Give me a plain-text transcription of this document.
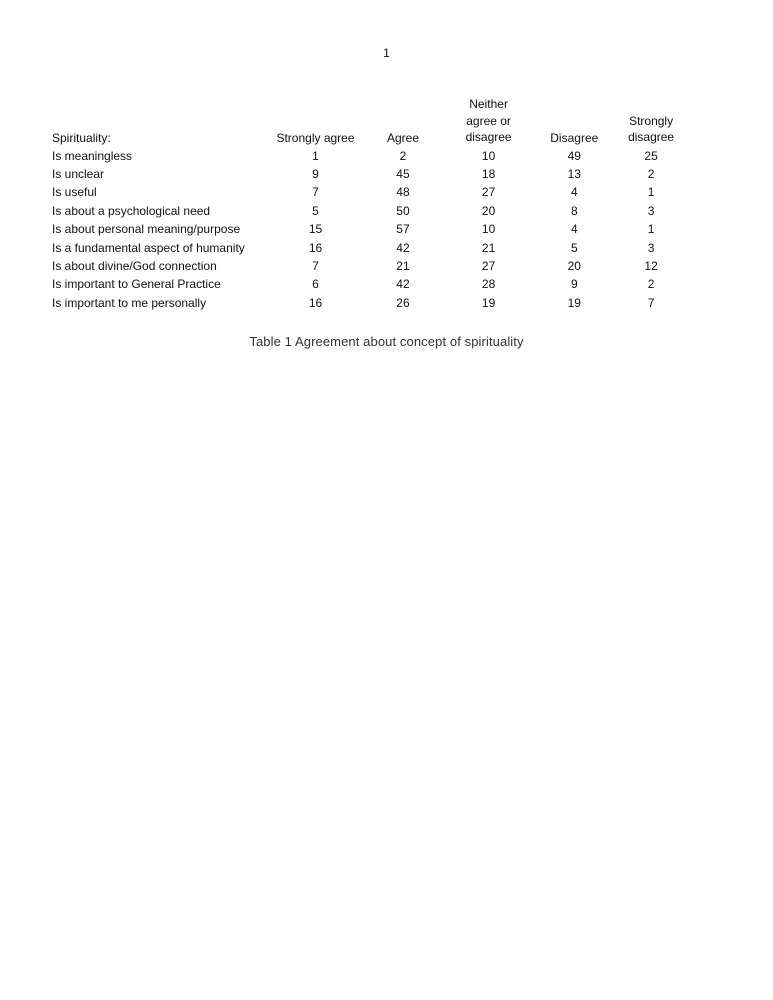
1
Spirituality:	Strongly agree	Agree	Neither agree or disagree	Disagree	Strongly disagree
Is meaningless	1	2	10	49	25
Is unclear	9	45	18	13	2
Is useful	7	48	27	4	1
Is about a psychological need	5	50	20	8	3
Is about personal meaning/purpose	15	57	10	4	1
Is a fundamental aspect of humanity	16	42	21	5	3
Is about divine/God connection	7	21	27	20	12
Is important to General Practice	6	42	28	9	2
Is important to me personally	16	26	19	19	7
Table 1 Agreement about concept of spirituality
